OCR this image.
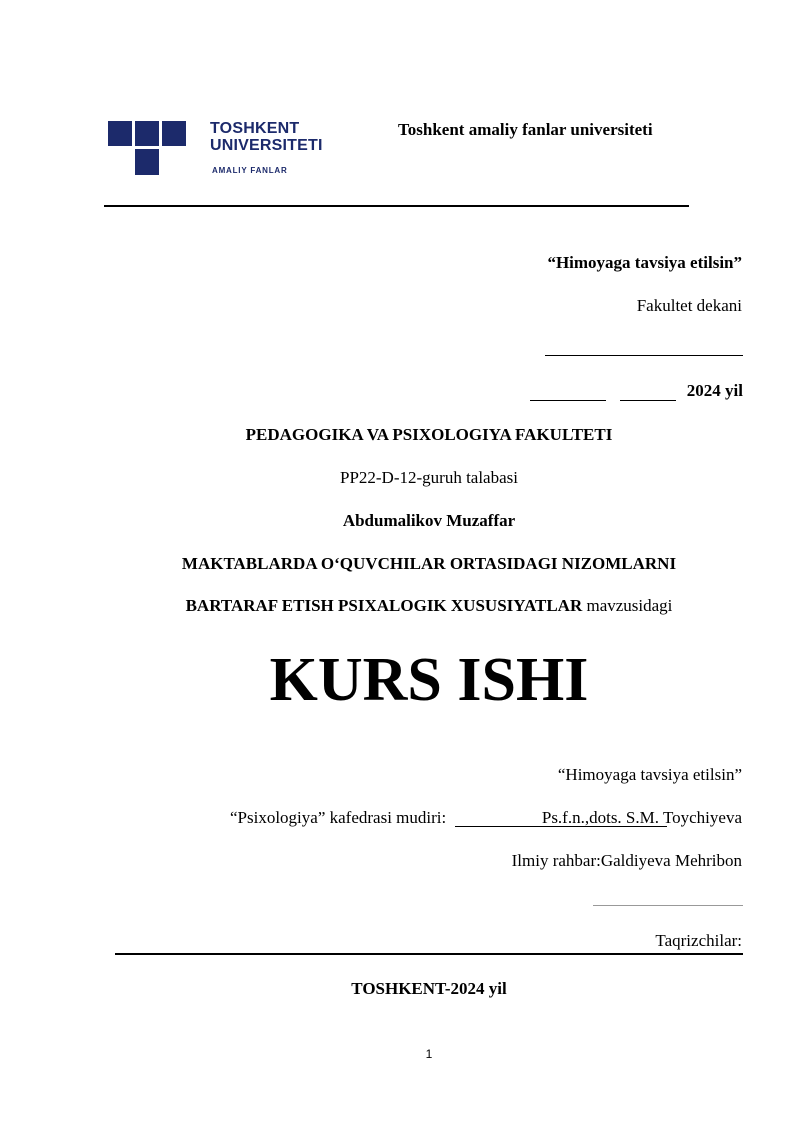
TOSHKENT
UNIVERSITETI
AMALIY FANLAR
Toshkent amaliy fanlar universiteti
“Himoyaga tavsiya etilsin”
Fakultet dekani
2024 yil
PEDAGOGIKA VA PSIXOLOGIYA FAKULTETI
PP22-D-12-guruh talabasi
Abdumalikov Muzaffar
MAKTABLARDA O‘QUVCHILAR ORTASIDAGI NIZOMLARNI
BARTARAF ETISH PSIXALOGIK XUSUSIYATLAR mavzusidagi
KURS ISHI
“Himoyaga tavsiya etilsin”
“Psixologiya” kafedrasi mudiri:	Ps.f.n.,dots. S.M. Toychiyeva
Ilmiy rahbar:Galdiyeva Mehribon
Taqrizchilar:
TOSHKENT-2024 yil
1
